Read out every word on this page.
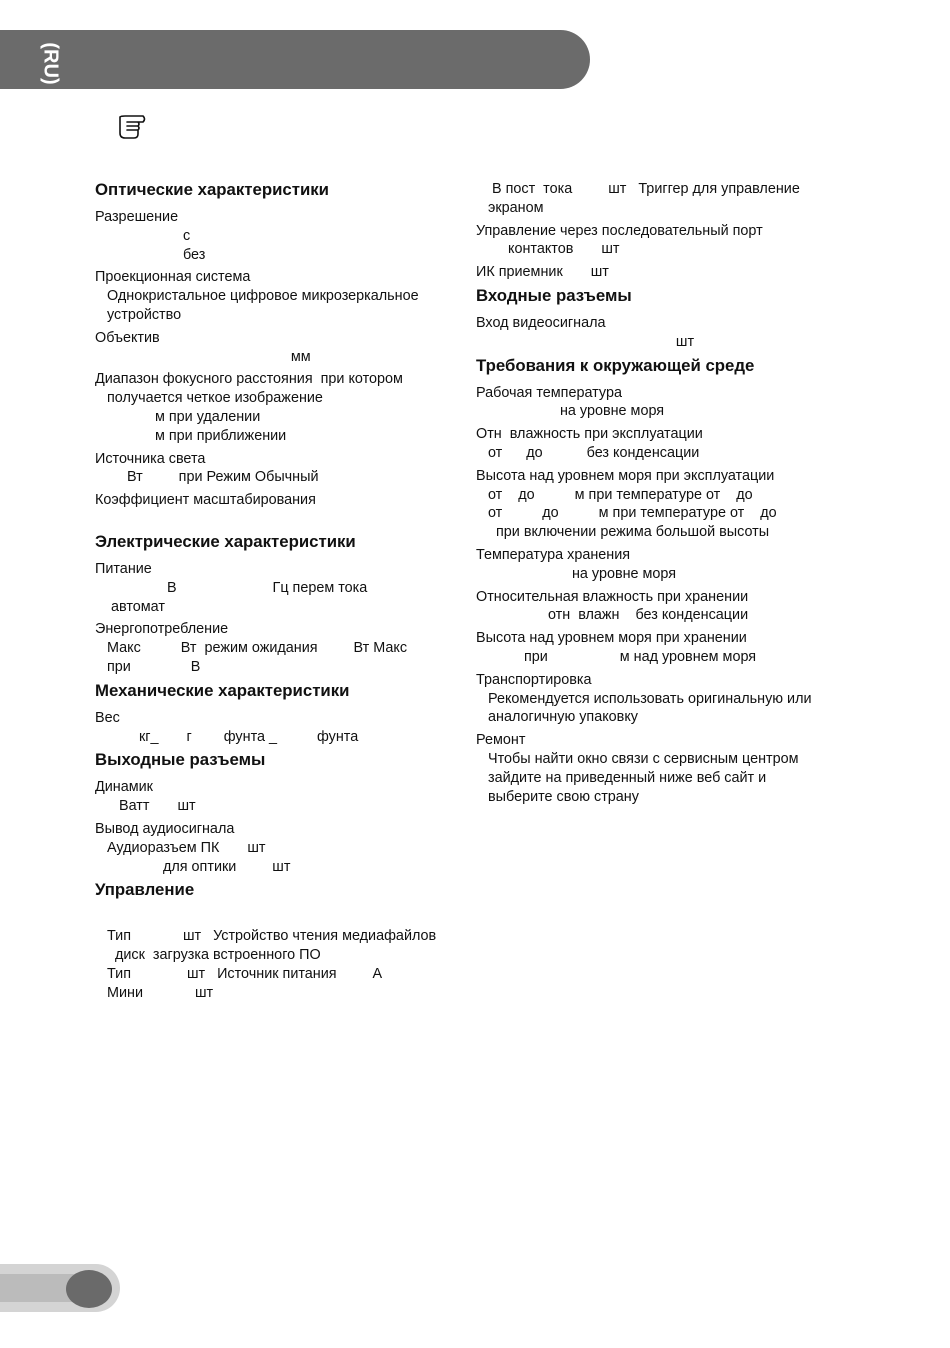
(RU)
Оптические характеристики
Разрешение
с
без
Проекционная система
Однокристальное цифровое микрозеркальное
устройство
Объектив
мм
Диапазон фокусного расстояния  при котором
получается четкое изображение
м при удалении
м при приближении
Источника света
Вт         при Режим Обычный
Коэффициент масштабирования
Электрические характеристики
Питание
В                        Гц перем тока
автомат
Энергопотребление
Макс          Вт  режим ожидания         Вт Макс
при               В
Механические характеристики
Вес
кг_       г        фунта _          фунта
Выходные разъемы
Динамик
Ватт       шт
Вывод аудиосигнала
Аудиоразъем ПК       шт
для оптики         шт
Управление

Тип             шт   Устройство чтения медиафайлов
диск  загрузка встроенного ПО
Тип              шт   Источник питания         А
Мини             шт
В пост  тока         шт   Триггер для управление
экраном
Управление через последовательный порт
контактов       шт
ИК приемник       шт
Входные разъемы
Вход видеосигнала
шт
Требования к окружающей среде
Рабочая температура
на уровне моря
Отн  влажность при эксплуатации
от      до           без конденсации
Высота над уровнем моря при эксплуатации
от    до          м при температуре от    до
от          до          м при температуре от    до
при включении режима большой высоты
Температура хранения
на уровне моря
Относительная влажность при хранении
отн  влажн    без конденсации
Высота над уровнем моря при хранении
при                  м над уровнем моря
Транспортировка
Рекомендуется использовать оригинальную или
аналогичную упаковку
Ремонт
Чтобы найти окно связи с сервисным центром
зайдите на приведенный ниже веб сайт и
выберите свою страну
